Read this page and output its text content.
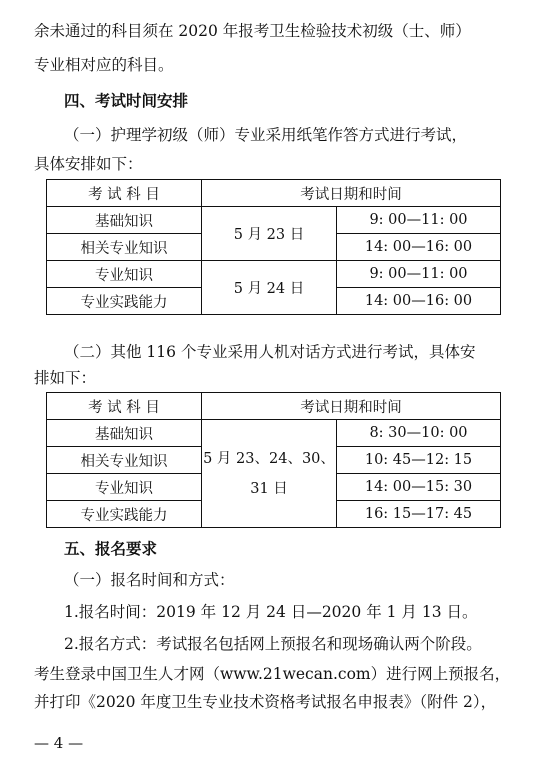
余未通过的科目须在 2020 年报考卫生检验技术初级（士、师）
专业相对应的科目。
四、考试时间安排
（一）护理学初级（师）专业采用纸笔作答方式进行考试，
具体安排如下：
考 试 科 目	考试日期和时间	
基础知识	5 月 23 日	9: 00—11: 00
相关专业知识		14: 00—16: 00
专业知识	5 月 24 日	9: 00—11: 00
专业实践能力		14: 00—16: 00
（二）其他 116 个专业采用人机对话方式进行考试，具体安
排如下：
考 试 科 目	考试日期和时间	
基础知识	5 月 23、24、30、
31 日	8: 30—10: 00
相关专业知识		10: 45—12: 15
专业知识		14: 00—15: 30
专业实践能力		16: 15—17: 45
五、报名要求
（一）报名时间和方式：
1.报名时间：2019 年 12 月 24 日—2020 年 1 月 13 日。
2.报名方式：考试报名包括网上预报名和现场确认两个阶段。
考生登录中国卫生人才网（www.21wecan.com）进行网上预报名，
并打印《2020 年度卫生专业技术资格考试报名申报表》（附件 2），
— 4 —
